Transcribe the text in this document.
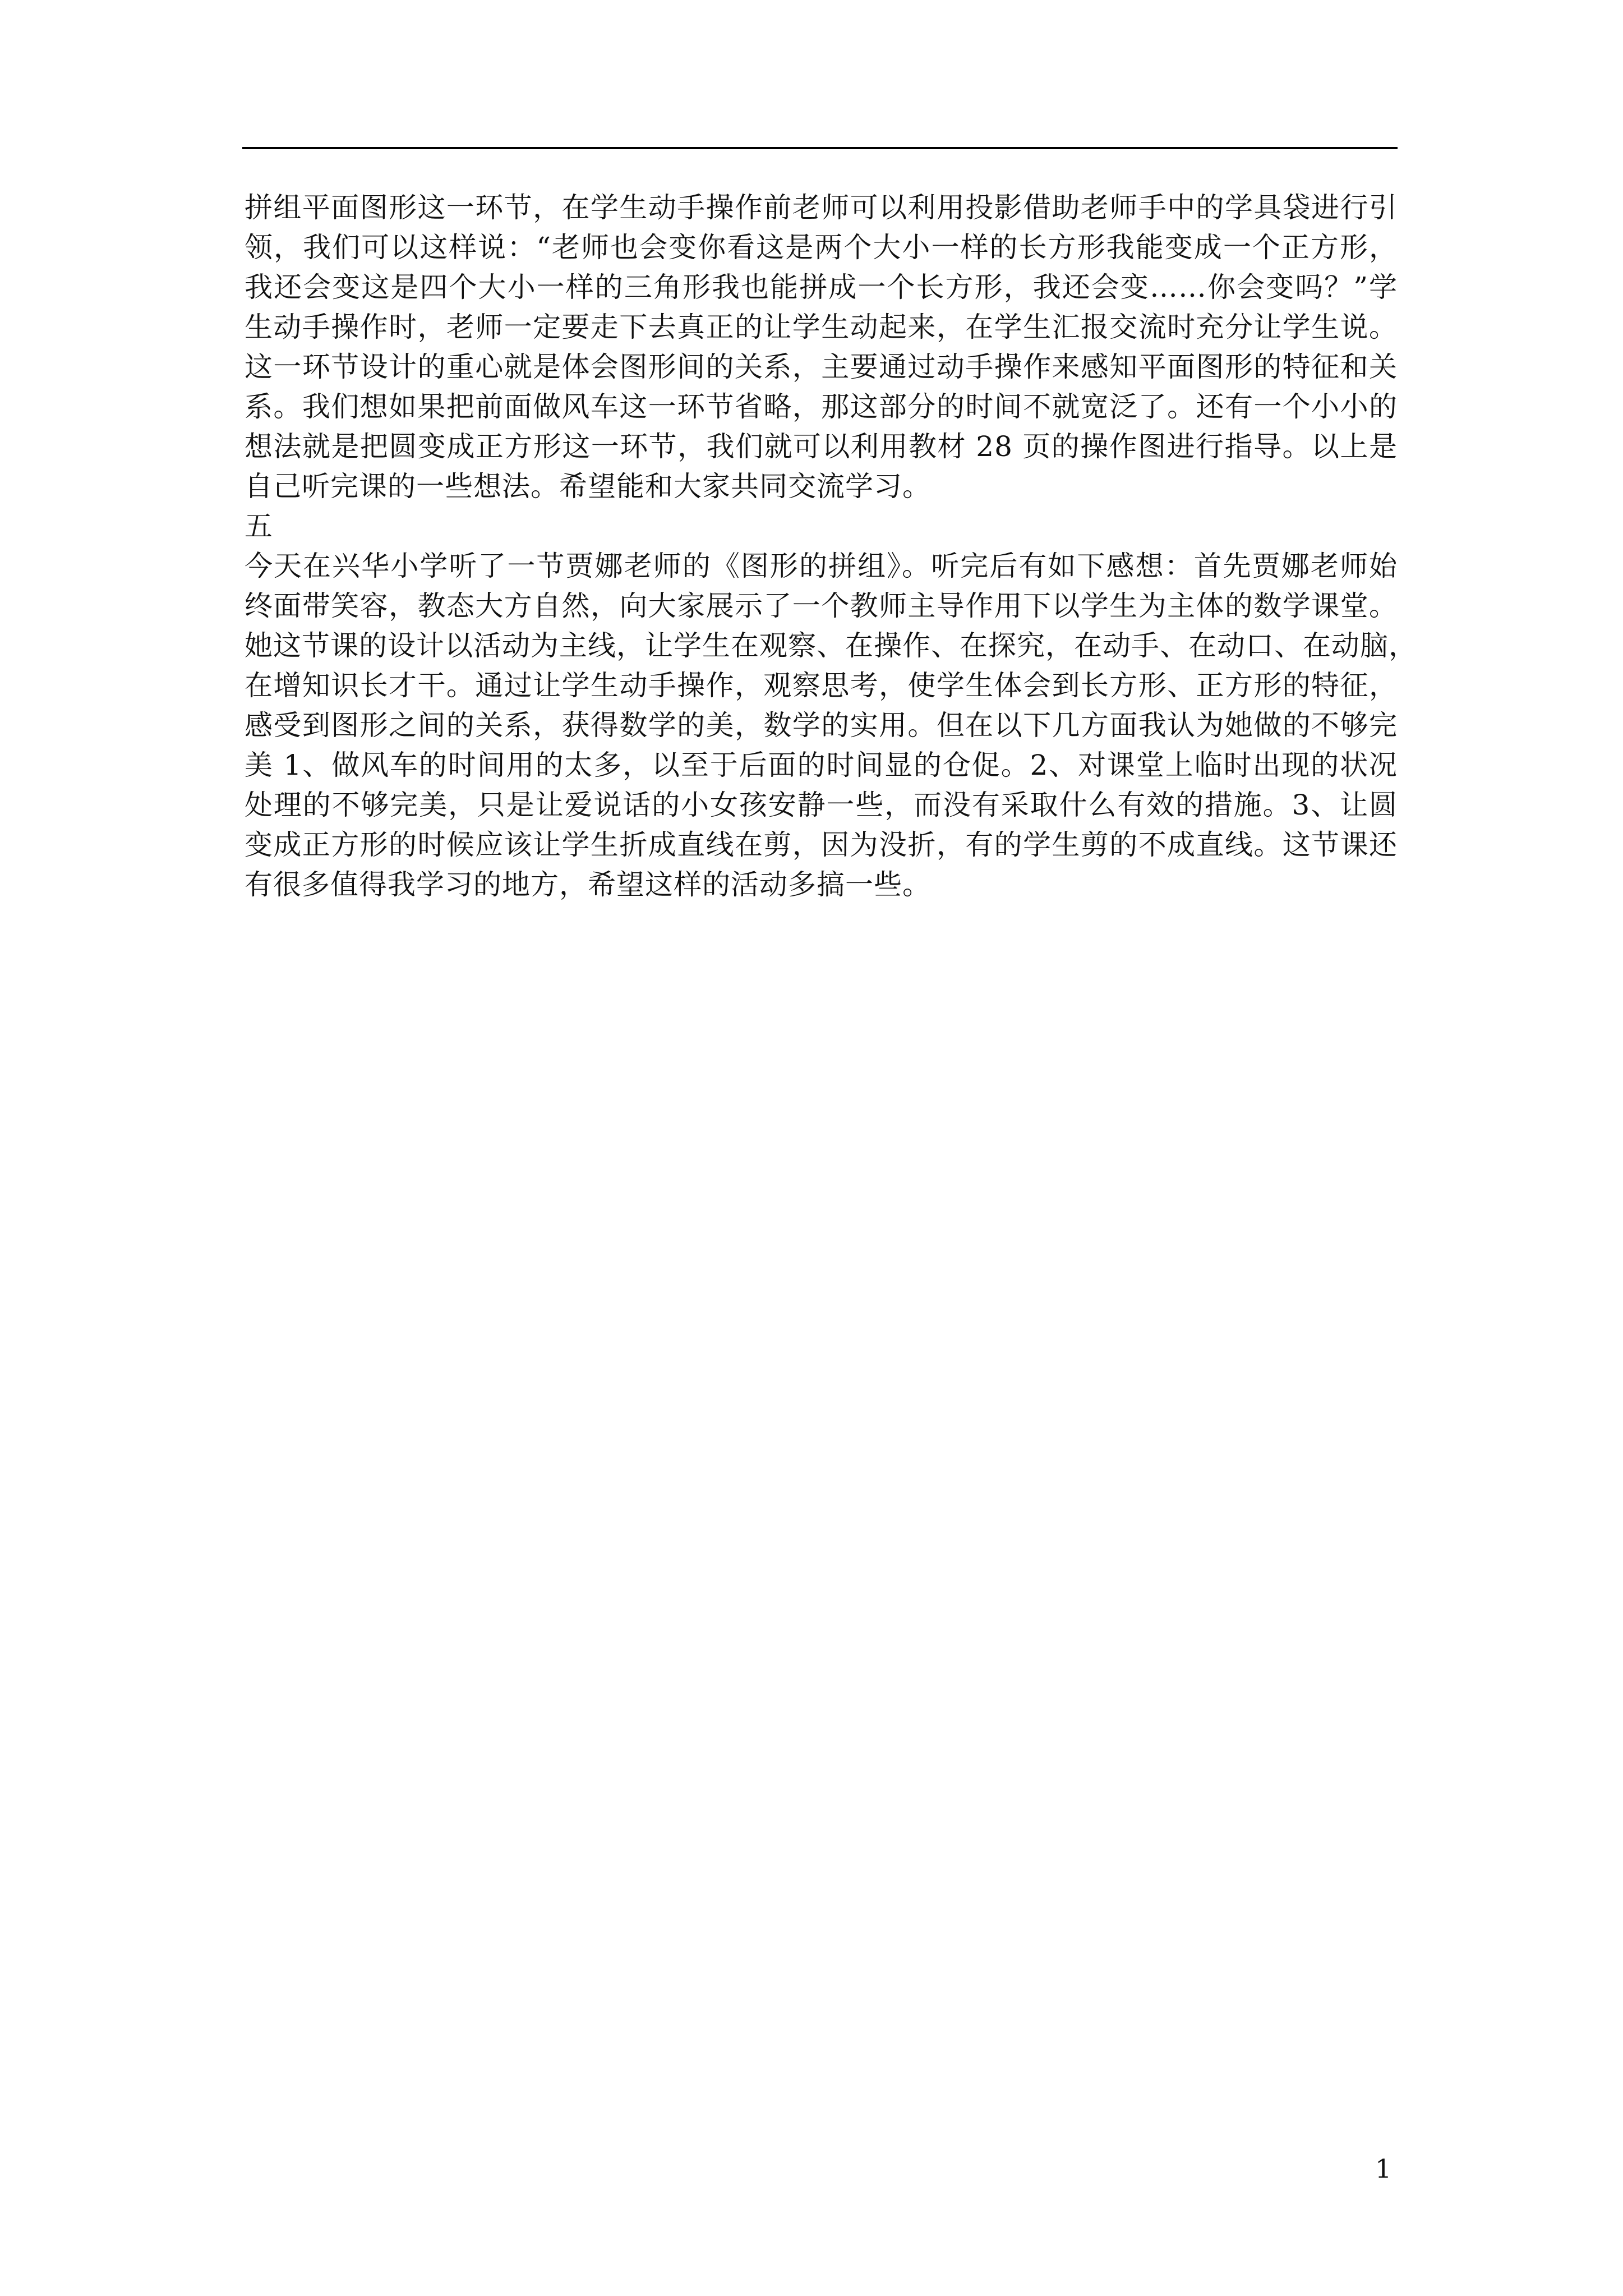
拼组平面图形这一环节，在学生动手操作前老师可以利用投影借助老师手中的学具袋进行引
领，我们可以这样说：“老师也会变你看这是两个大小一样的长方形我能变成一个正方形，
我还会变这是四个大小一样的三角形我也能拼成一个长方形，我还会变……你会变吗？”学
生动手操作时，老师一定要走下去真正的让学生动起来，在学生汇报交流时充分让学生说。
这一环节设计的重心就是体会图形间的关系，主要通过动手操作来感知平面图形的特征和关
系。我们想如果把前面做风车这一环节省略，那这部分的时间不就宽泛了。还有一个小小的
想法就是把圆变成正方形这一环节，我们就可以利用教材 28 页的操作图进行指导。以上是
自己听完课的一些想法。希望能和大家共同交流学习。
五
今天在兴华小学听了一节贾娜老师的《图形的拼组》。听完后有如下感想：首先贾娜老师始
终面带笑容，教态大方自然，向大家展示了一个教师主导作用下以学生为主体的数学课堂。
她这节课的设计以活动为主线，让学生在观察、在操作、在探究，在动手、在动口、在动脑，
在增知识长才干。通过让学生动手操作，观察思考，使学生体会到长方形、正方形的特征，
感受到图形之间的关系，获得数学的美，数学的实用。但在以下几方面我认为她做的不够完
美 1、做风车的时间用的太多，以至于后面的时间显的仓促。2、对课堂上临时出现的状况
处理的不够完美，只是让爱说话的小女孩安静一些，而没有采取什么有效的措施。3、让圆
变成正方形的时候应该让学生折成直线在剪，因为没折，有的学生剪的不成直线。这节课还
有很多值得我学习的地方，希望这样的活动多搞一些。
1
